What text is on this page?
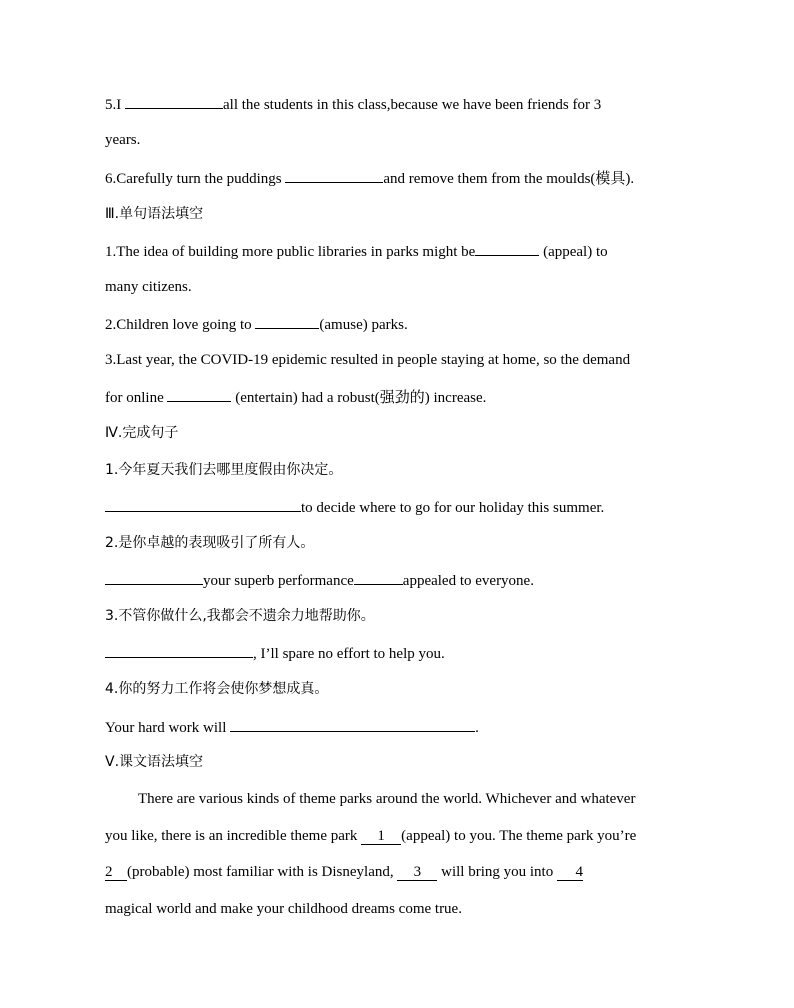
5.I	all the students in this class,because we have been friends for 3
years.
6.Carefully turn the puddings	and remove them from the moulds(模具).
Ⅲ.单句语法填空
1.The idea of building more public libraries in parks might be	(appeal) to
many citizens.
2.Children love going to	(amuse) parks.
3.Last year, the COVID-19 epidemic resulted in people staying at home, so the demand
for online	(entertain) had a robust(强劲的) increase.
Ⅳ.完成句子
1.今年夏天我们去哪里度假由你决定。
to decide where to go for our holiday this summer.
2.是你卓越的表现吸引了所有人。
your superb performance	appealed to everyone.
3.不管你做什么,我都会不遗余力地帮助你。
, I’ll spare no effort to help you.
4.你的努力工作将会使你梦想成真。
Your hard work will	.
Ⅴ.课文语法填空
There are various kinds of theme parks around the world. Whichever and whatever
you like, there is an incredible theme park 1 (appeal) to you. The theme park you’re
2 (probable) most familiar with is Disneyland, 3 will bring you into 4
magical world and make your childhood dreams come true.
